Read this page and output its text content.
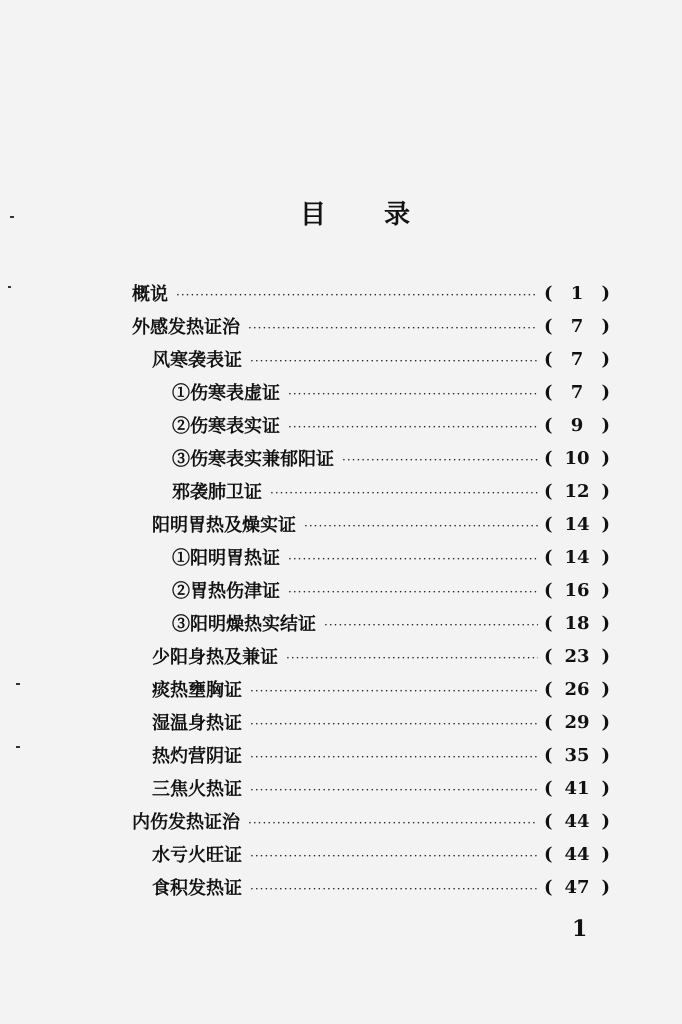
目 录
概说 ·····	(	1	)
外感发热证治 ·····	(	7	)
风寒袭表证 ·····	(	7	)
①伤寒表虚证 ·····	(	7	)
②伤寒表实证 ·····	(	9	)
③伤寒表实兼郁阳证 ·····	( 10 )
邪袭肺卫证 ·····	( 12 )
阳明胃热及燥实证 ·····	( 14 )
①阳明胃热证 ·····	( 14 )
②胃热伤津证 ·····	( 16 )
③阳明燥热实结证 ·····	( 18 )
少阳身热及兼证 ·····	( 23 )
痰热壅胸证 ·····	( 26 )
湿温身热证 ·····	( 29 )
热灼营阴证 ·····	( 35 )
三焦火热证 ·····	( 41 )
内伤发热证治 ·····	( 44 )
水亏火旺证 ·····	( 44 )
食积发热证 ·····	( 47 )
1
